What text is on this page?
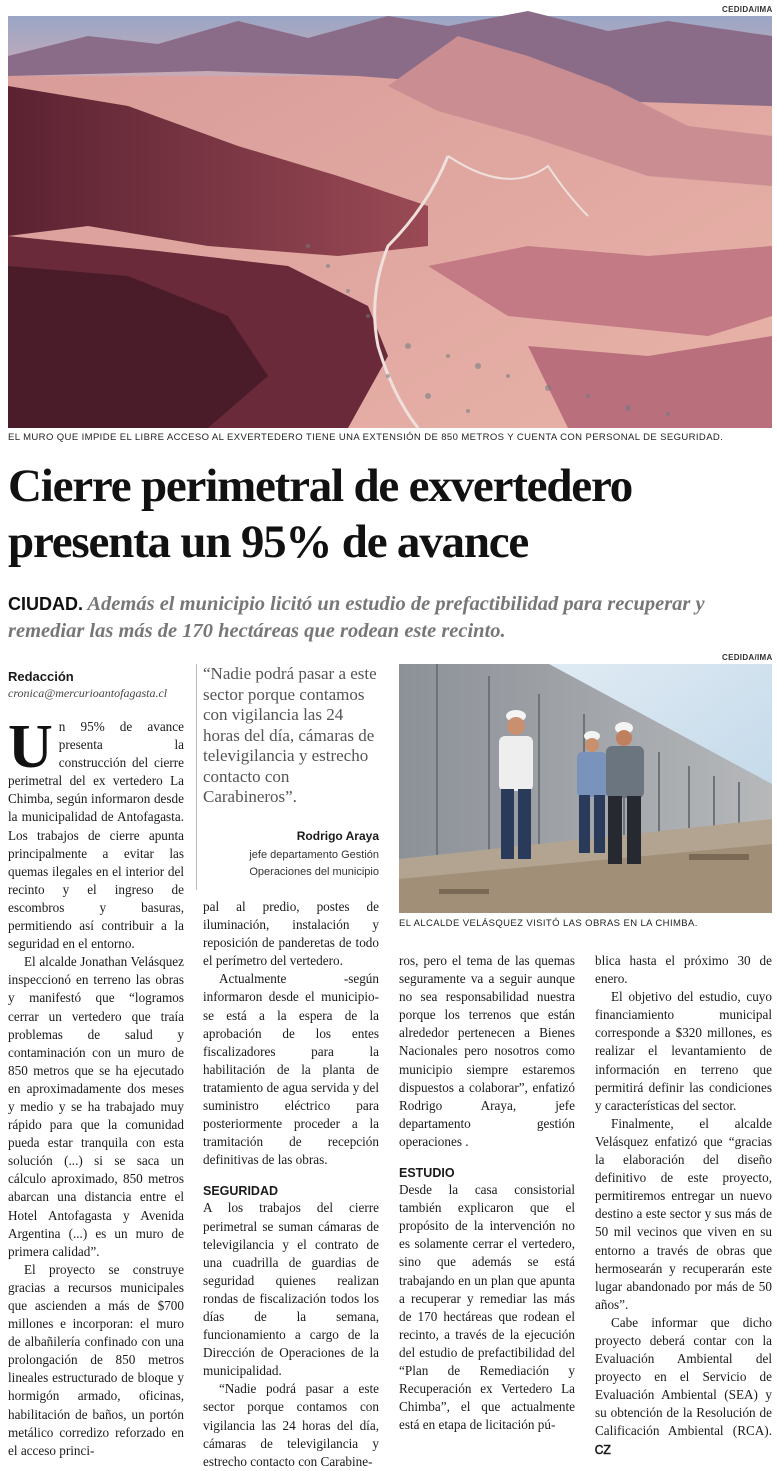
CEDIDA/IMA
EL MURO QUE IMPIDE EL LIBRE ACCESO AL EXVERTEDERO TIENE UNA EXTENSIÓN DE 850 METROS Y CUENTA CON PERSONAL DE SEGURIDAD.
Cierre perimetral de exvertedero
presenta un 95% de avance
CIUDAD. Además el municipio licitó un estudio de prefactibilidad para recuperar y remediar las más de 170 hectáreas que rodean este recinto.
Redacción
cronica@mercurioantofagasta.cl
“Nadie podrá pasar a este sector porque contamos con vigilancia las 24 horas del día, cámaras de televigilancia y estrecho contacto con Carabineros”.
Rodrigo Araya
jefe departamento Gestión Operaciones del municipio
CEDIDA/IMA
EL ALCALDE VELÁSQUEZ VISITÓ LAS OBRAS EN LA CHIMBA.

Un 95% de avance presenta la construcción del cierre perimetral del ex vertedero La Chimba, según informaron desde la municipalidad de Antofagasta. Los trabajos de cierre apunta principalmente a evitar las quemas ilegales en el interior del recinto y el ingreso de escombros y basuras, permitiendo así contribuir a la seguridad en el entorno.

El alcalde Jonathan Velásquez inspeccionó en terreno las obras y manifestó que “logramos cerrar un vertedero que traía problemas de salud y contaminación con un muro de 850 metros que se ha ejecutado en aproximadamente dos meses y medio y se ha trabajado muy rápido para que la comunidad pueda estar tranquila con esta solución (...) si se saca un cálculo aproximado, 850 metros abarcan una distancia entre el Hotel Antofagasta y Avenida Argentina (...) es un muro de primera calidad”.

El proyecto se construye gracias a recursos municipales que ascienden a más de $700 millones e incorporan: el muro de albañilería confinado con una prolongación de 850 metros lineales estructurado de bloque y hormigón armado, oficinas, habilitación de baños, un portón metálico corredizo reforzado en el acceso princi-

pal al predio, postes de iluminación, instalación y reposición de panderetas de todo el perímetro del vertedero.

Actualmente -según informaron desde el municipio- se está a la espera de la aprobación de los entes fiscalizadores para la habilitación de la planta de tratamiento de agua servida y del suministro eléctrico para posteriormente proceder a la tramitación de recepción definitivas de las obras.

SEGURIDAD

A los trabajos del cierre perimetral se suman cámaras de televigilancia y el contrato de una cuadrilla de guardias de seguridad quienes realizan rondas de fiscalización todos los días de la semana, funcionamiento a cargo de la Dirección de Operaciones de la municipalidad.

“Nadie podrá pasar a este sector porque contamos con vigilancia las 24 horas del día, cámaras de televigilancia y estrecho contacto con Carabine-

ros, pero el tema de las quemas seguramente va a seguir aunque no sea responsabilidad nuestra porque los terrenos que están alrededor pertenecen a Bienes Nacionales pero nosotros como municipio siempre estaremos dispuestos a colaborar”, enfatizó Rodrigo Araya, jefe departamento gestión operaciones .

ESTUDIO

Desde la casa consistorial también explicaron que el propósito de la intervención no es solamente cerrar el vertedero, sino que además se está trabajando en un plan que apunta a recuperar y remediar las más de 170 hectáreas que rodean el recinto, a través de la ejecución del estudio de prefactibilidad del “Plan de Remediación y Recuperación ex Vertedero La Chimba”, el que actualmente está en etapa de licitación pú-

blica hasta el próximo 30 de enero.

El objetivo del estudio, cuyo financiamiento municipal corresponde a $320 millones, es realizar el levantamiento de información en terreno que permitirá definir las condiciones y características del sector.

Finalmente, el alcalde Velásquez enfatizó que “gracias la elaboración del diseño definitivo de este proyecto, permitiremos entregar un nuevo destino a este sector y sus más de 50 mil vecinos que viven en su entorno a través de obras que hermosearán y recuperarán este lugar abandonado por más de 50 años”.

Cabe informar que dicho proyecto deberá contar con la Evaluación Ambiental del proyecto en el Servicio de Evaluación Ambiental (SEA) y su obtención de la Resolución de Calificación Ambiental (RCA). ᏟᏃ
